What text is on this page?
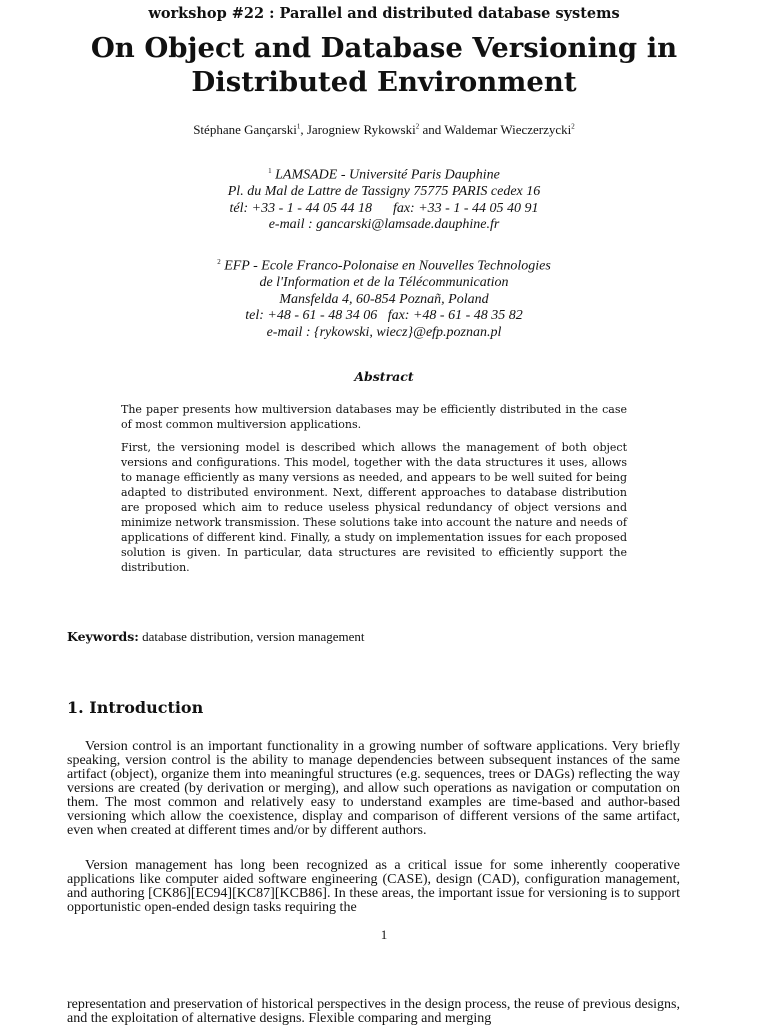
workshop #22 : Parallel and distributed database systems
On Object and Database Versioning in
Distributed Environment
Stéphane Gançarski$^1$, Jarogniew Rykowski$^2$ and Waldemar Wieczerzycki$^2$
$^1$ LAMSADE - Université Paris Dauphine
Pl. du Mal de Lattre de Tassigny 75775 PARIS cedex 16
tél: +33 - 1 - 44 05 44 18      fax: +33 - 1 - 44 05 40 91
e-mail : gancarski@lamsade.dauphine.fr
$^2$ EFP - Ecole Franco-Polonaise en Nouvelles Technologies
de l'Information et de la Télécommunication
Mansfelda 4, 60-854 Poznañ, Poland
tel: +48 - 61 - 48 34 06   fax: +48 - 61 - 48 35 82
e-mail : {rykowski, wiecz}@efp.poznan.pl
Abstract
The paper presents how multiversion databases may be efficiently distributed in the case of most common multiversion applications.
First, the versioning model is described which allows the management of both object versions and configurations. This model, together with the data structures it uses, allows to manage efficiently as many versions as needed, and appears to be well suited for being adapted to distributed environment. Next, different approaches to database distribution are proposed which aim to reduce useless physical redundancy of object versions and minimize network transmission. These solutions take into account the nature and needs of applications of different kind. Finally, a study on implementation issues for each proposed solution is given. In particular, data structures are revisited to efficiently support the distribution.
Keywords: database distribution, version management
1. Introduction
Version control is an important functionality in a growing number of software applications. Very briefly speaking, version control is the ability to manage dependencies between subsequent instances of the same artifact (object), organize them into meaningful structures (e.g. sequences, trees or DAGs) reflecting the way versions are created (by derivation or merging), and allow such operations as navigation or computation on them. The most common and relatively easy to understand examples are time-based and author-based versioning which allow the coexistence, display and comparison of different versions of the same artifact, even when created at different times and/or by different authors.
Version management has long been recognized as a critical issue for some inherently cooperative applications like computer aided software engineering (CASE), design (CAD), configuration management, and authoring [CK86][EC94][KC87][KCB86]. In these areas, the important issue for versioning is to support opportunistic open-ended design tasks requiring the
1
representation and preservation of historical perspectives in the design process, the reuse of previous designs, and the exploitation of alternative designs. Flexible comparing and merging
